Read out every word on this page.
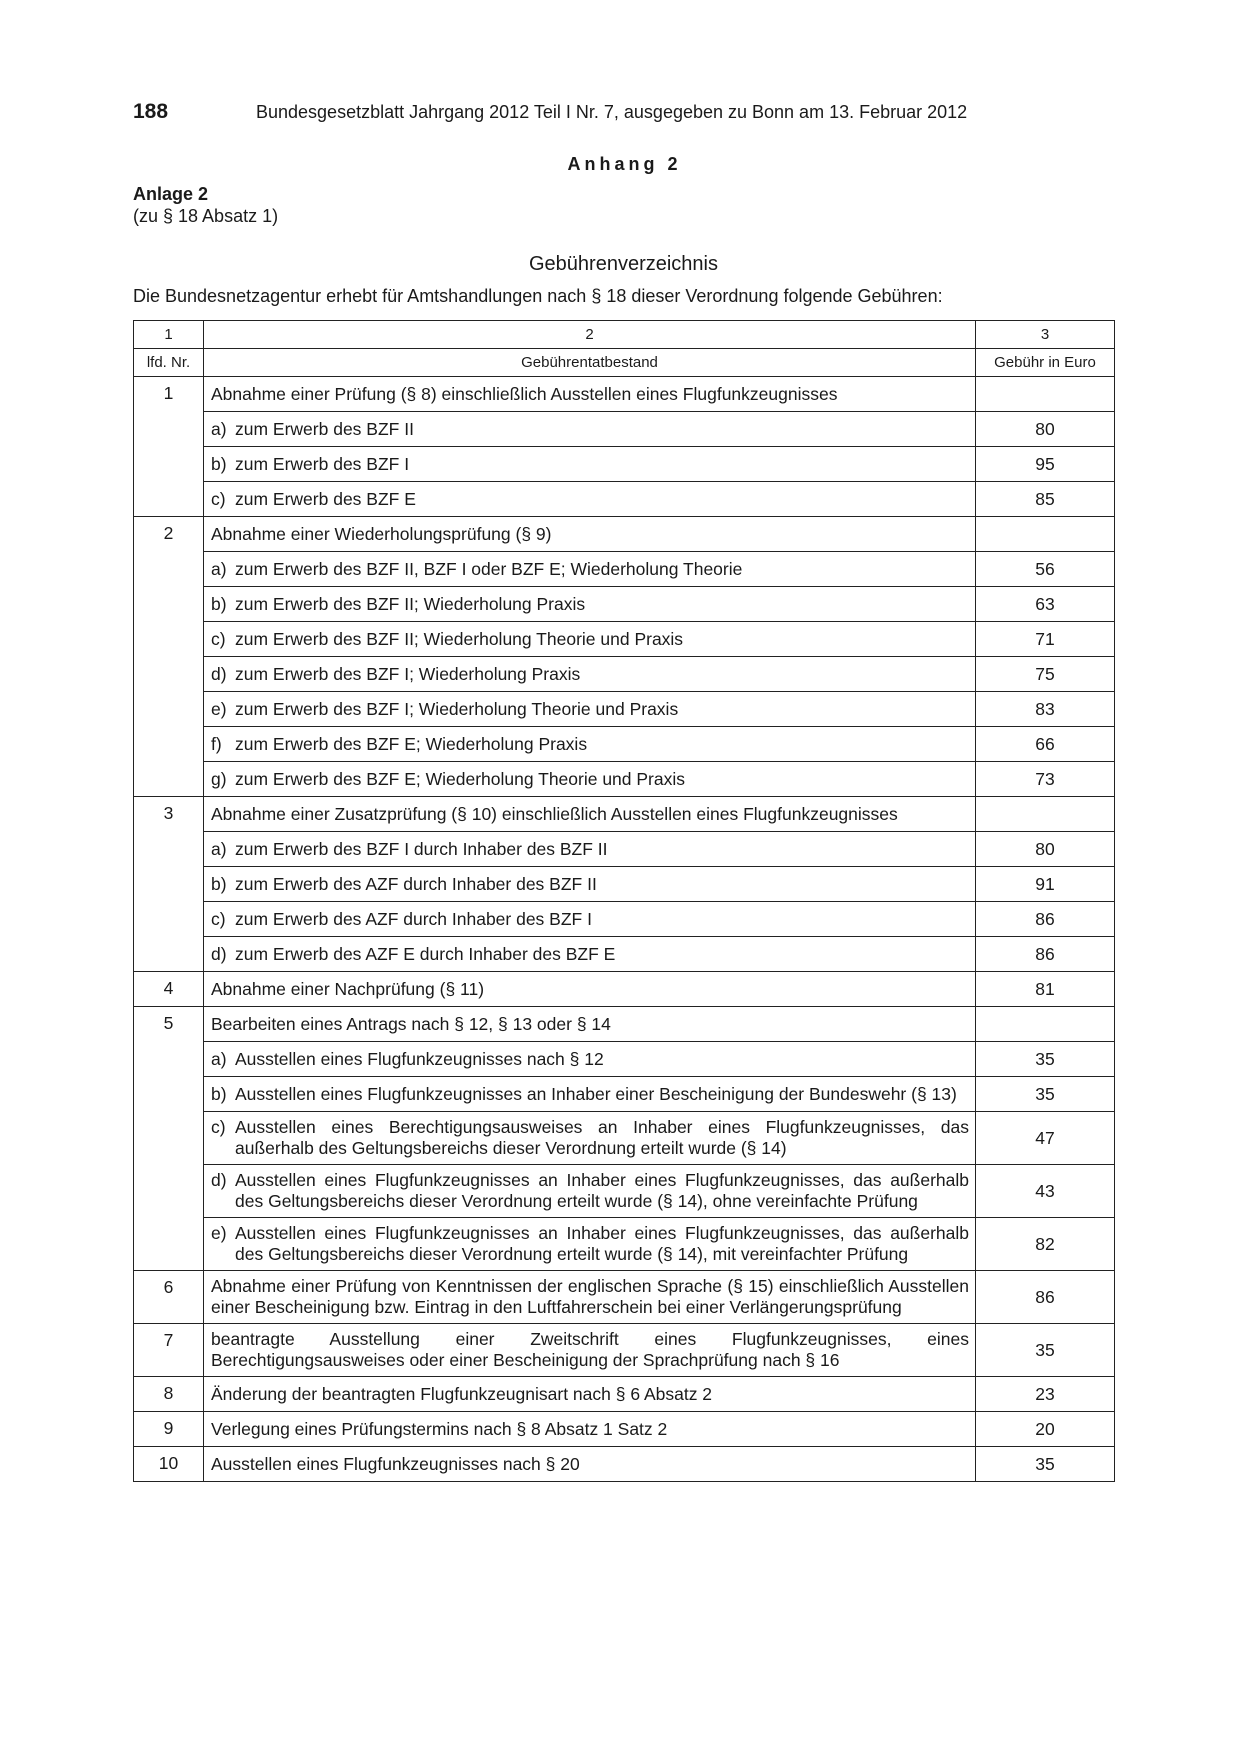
188	Bundesgesetzblatt Jahrgang 2012 Teil I Nr. 7, ausgegeben zu Bonn am 13. Februar 2012
Anhang 2
Anlage 2
(zu § 18 Absatz 1)
Gebührenverzeichnis
Die Bundesnetzagentur erhebt für Amtshandlungen nach § 18 dieser Verordnung folgende Gebühren:
1	2	3
lfd. Nr.	Gebührentatbestand	Gebühr in Euro
1	Abnahme einer Prüfung (§ 8) einschließlich Ausstellen eines Flugfunkzeugnisses	

	a) zum Erwerb des BZF II	80

	b) zum Erwerb des BZF I	95

	c) zum Erwerb des BZF E	85
2	Abnahme einer Wiederholungsprüfung (§ 9)	

	a) zum Erwerb des BZF II, BZF I oder BZF E; Wiederholung Theorie	56

	b) zum Erwerb des BZF II; Wiederholung Praxis	63

	c) zum Erwerb des BZF II; Wiederholung Theorie und Praxis	71

	d) zum Erwerb des BZF I; Wiederholung Praxis	75

	e) zum Erwerb des BZF I; Wiederholung Theorie und Praxis	83

	f) zum Erwerb des BZF E; Wiederholung Praxis	66

	g) zum Erwerb des BZF E; Wiederholung Theorie und Praxis	73
3	Abnahme einer Zusatzprüfung (§ 10) einschließlich Ausstellen eines Flugfunkzeugnisses	

	a) zum Erwerb des BZF I durch Inhaber des BZF II	80

	b) zum Erwerb des AZF durch Inhaber des BZF II	91

	c) zum Erwerb des AZF durch Inhaber des BZF I	86

	d) zum Erwerb des AZF E durch Inhaber des BZF E	86
4	Abnahme einer Nachprüfung (§ 11)	81
5	Bearbeiten eines Antrags nach § 12, § 13 oder § 14	

	a) Ausstellen eines Flugfunkzeugnisses nach § 12	35

	b) Ausstellen eines Flugfunkzeugnisses an Inhaber einer Bescheinigung der Bundeswehr (§ 13)	35

	c) Ausstellen eines Berechtigungsausweises an Inhaber eines Flugfunkzeugnisses, das außerhalb des Geltungsbereichs dieser Verordnung erteilt wurde (§ 14)	47

	d) Ausstellen eines Flugfunkzeugnisses an Inhaber eines Flugfunkzeugnisses, das außerhalb des Geltungsbereichs dieser Verordnung erteilt wurde (§ 14), ohne vereinfachte Prüfung	43

	e) Ausstellen eines Flugfunkzeugnisses an Inhaber eines Flugfunkzeugnisses, das außerhalb des Geltungsbereichs dieser Verordnung erteilt wurde (§ 14), mit vereinfachter Prüfung	82
6	Abnahme einer Prüfung von Kenntnissen der englischen Sprache (§ 15) einschließlich Ausstellen einer Bescheinigung bzw. Eintrag in den Luftfahrerschein bei einer Verlängerungsprüfung	86
7	beantragte Ausstellung einer Zweitschrift eines Flugfunkzeugnisses, eines Berechtigungsausweises oder einer Bescheinigung der Sprachprüfung nach § 16	35
8	Änderung der beantragten Flugfunkzeugnisart nach § 6 Absatz 2	23
9	Verlegung eines Prüfungstermins nach § 8 Absatz 1 Satz 2	20
10	Ausstellen eines Flugfunkzeugnisses nach § 20	35
